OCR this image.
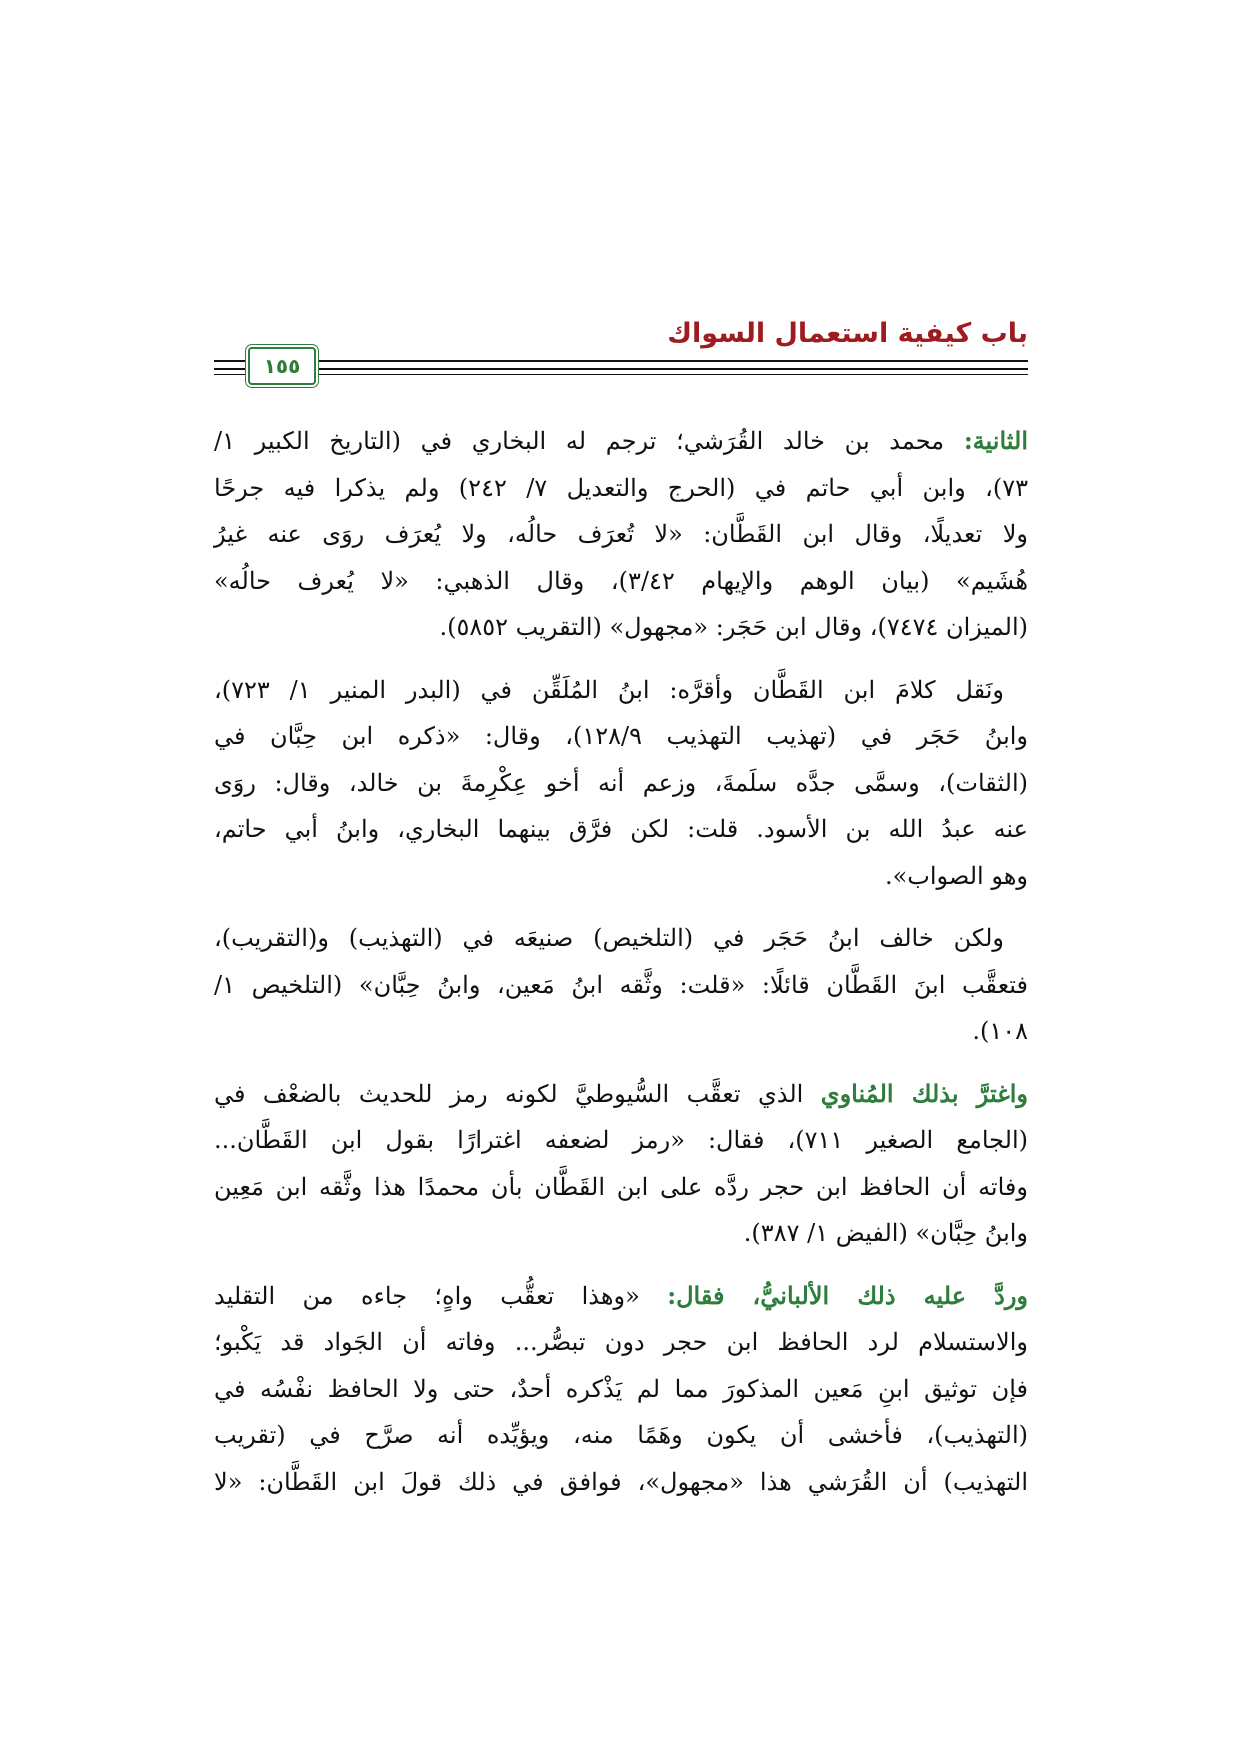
باب كيفية استعمال السواك
١٥٥

الثانية: محمد بن خالد القُرَشي؛ ترجم له البخاري في (التاريخ الكبير ١/
٧٣)، وابن أبي حاتم في (الحرج والتعديل ٧/ ٢٤٢) ولم يذكرا فيه جرحًا
ولا تعديلًا، وقال ابن القَطَّان: «لا تُعرَف حالُه، ولا يُعرَف روَى عنه غيرُ
هُشَيم» (بيان الوهم والإيهام ٣/٤٢)، وقال الذهبي: «لا يُعرف حالُه»
(الميزان ٧٤٧٤)، وقال ابن حَجَر: «مجهول» (التقريب ٥٨٥٢).

ونَقل كلامَ ابن القَطَّان وأقرَّه: ابنُ المُلَقِّن في (البدر المنير ١/ ٧٢٣)،
وابنُ حَجَر في (تهذيب التهذيب ١٢٨/٩)، وقال: «ذكره ابن حِبَّان في
(الثقات)، وسمَّى جدَّه سلَمةَ، وزعم أنه أخو عِكْرِمةَ بن خالد، وقال: روَى
عنه عبدُ الله بن الأسود. قلت: لكن فرَّق بينهما البخاري، وابنُ أبي حاتم،
وهو الصواب».

ولكن خالف ابنُ حَجَر في (التلخيص) صنيعَه في (التهذيب) و(التقريب)،
فتعقَّب ابنَ القَطَّان قائلًا: «قلت: وثَّقه ابنُ مَعين، وابنُ حِبَّان» (التلخيص ١/
١٠٨).

واغترَّ بذلك المُناوي الذي تعقَّب السُّيوطيَّ لكونه رمز للحديث بالضعْف في
(الجامع الصغير ٧١١)، فقال: «رمز لضعفه اغترارًا بقول ابن القَطَّان...
وفاته أن الحافظ ابن حجر ردَّه على ابن القَطَّان بأن محمدًا هذا وثَّقه ابن مَعِين
وابنُ حِبَّان» (الفيض ١/ ٣٨٧).

وردَّ عليه ذلك الألبانيُّ، فقال: «وهذا تعقُّب واهٍ؛ جاءه من التقليد
والاستسلام لرد الحافظ ابن حجر دون تبصُّر... وفاته أن الجَواد قد يَكْبو؛
فإن توثيق ابنِ مَعين المذكورَ مما لم يَذْكره أحدٌ، حتى ولا الحافظ نفْسُه في
(التهذيب)، فأخشى أن يكون وهَمًا منه، ويؤيِّده أنه صرَّح في (تقريب
التهذيب) أن القُرَشي هذا «مجهول»، فوافق في ذلك قولَ ابن القَطَّان: «لا
